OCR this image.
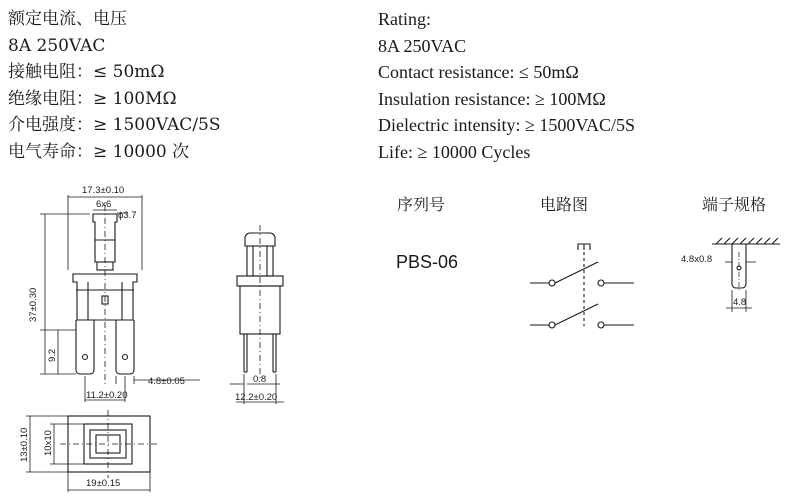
额定电流、电压
8A 250VAC
接触电阻：≤ 50mΩ
绝缘电阻：≥ 100MΩ
介电强度：≥ 1500VAC/5S
电气寿命：≥ 10000 次
Rating:
8A 250VAC
Contact resistance: ≤ 50mΩ
Insulation resistance: ≥ 100MΩ
Dielectric intensity: ≥ 1500VAC/5S
Life: ≥ 10000 Cycles
序列号	电路图	端子规格
PBS-06
17.3±0.10
6x6
ϕ3.7
37±0.30
9.2
4.8±0.05
11.2±0.20
0.8
12.2±0.20
13±0.10 10x10
19±0.15
4.8x0.8
4.8
